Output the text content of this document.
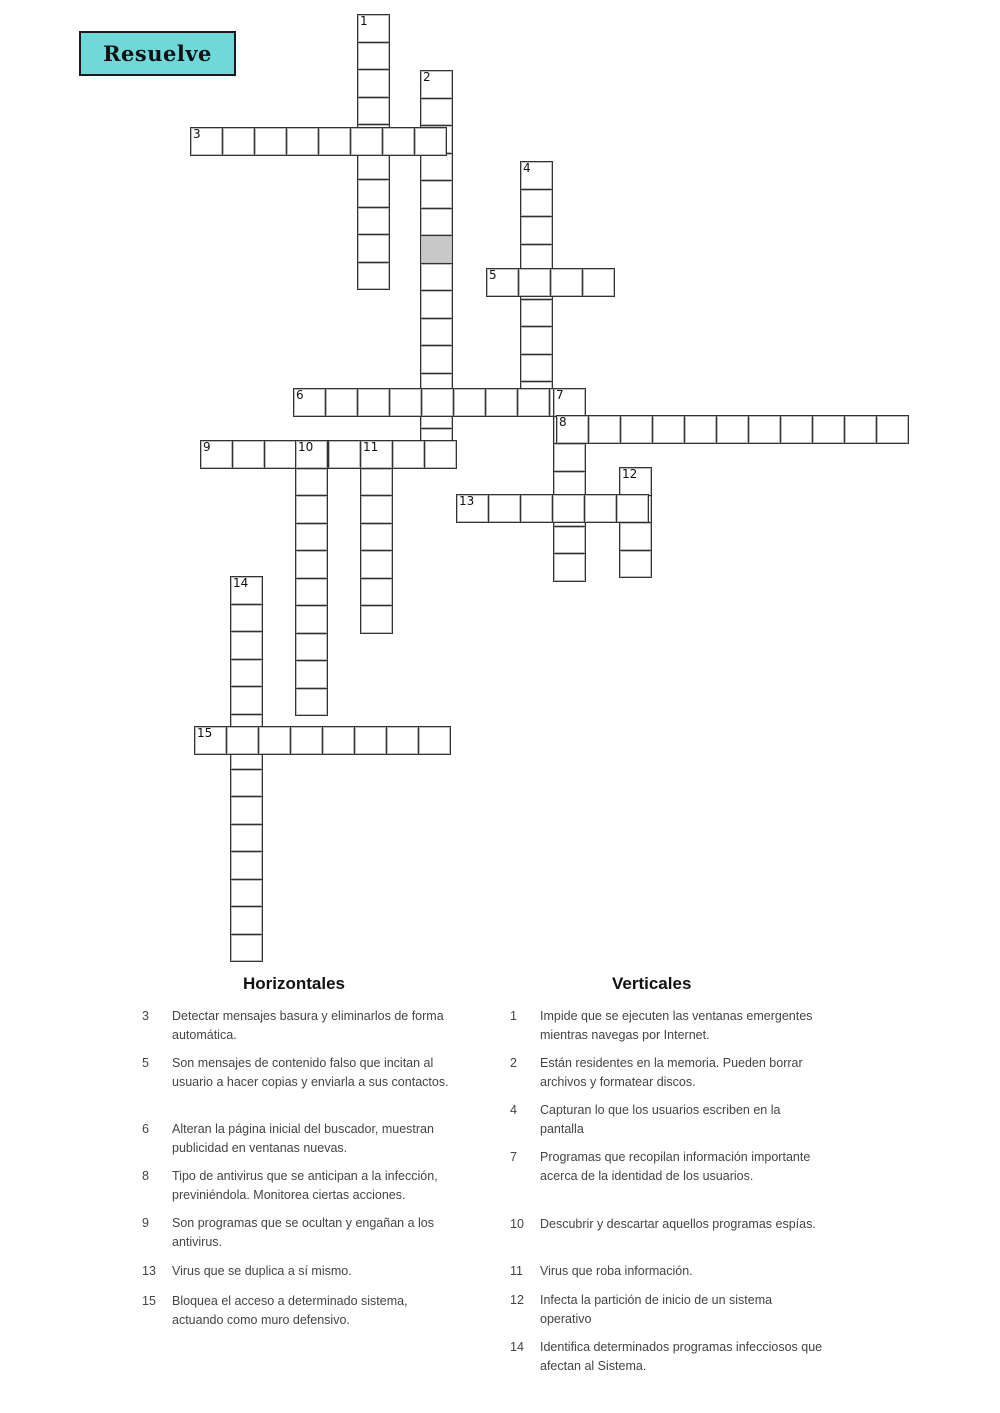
Resuelve
1
2
3
4
5
6	7
8
9	10	11
12
13
14
15
Horizontales	Verticales
3	Detectar mensajes basura y eliminarlos de forma automática.
5	Son mensajes de contenido falso que incitan al usuario a hacer copias y enviarla a sus contactos.
6	Alteran la página inicial del buscador, muestran publicidad en ventanas nuevas.
8	Tipo de antivirus que se anticipan a la infección, previniéndola. Monitorea ciertas acciones.
9	Son programas que se ocultan y engañan a los antivirus.
13	Virus que se duplica a sí mismo.
15	Bloquea el acceso a determinado sistema, actuando como muro defensivo.
1	Impide que se ejecuten las ventanas emergentes mientras navegas por Internet.
2	Están residentes en la memoria. Pueden borrar archivos y formatear discos.
4	Capturan lo que los usuarios escriben en la pantalla
7	Programas que recopilan información importante acerca de la identidad de los usuarios.
10	Descubrir y descartar aquellos programas espías.
11	Virus que roba información.
12	Infecta la partición de inicio de un sistema operativo
14	Identifica determinados programas infecciosos que afectan al Sistema.
